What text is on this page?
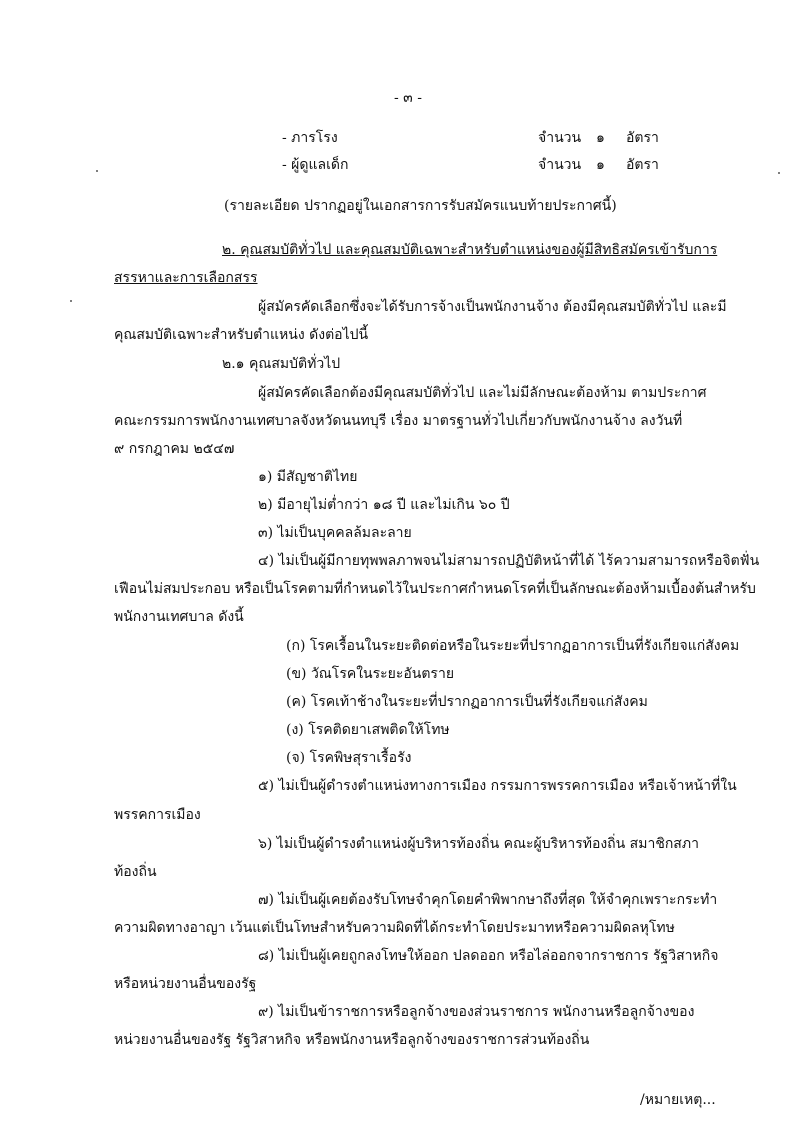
- ๓ -
- ภารโรง	จำนวน ๑ อัตรา
- ผู้ดูแลเด็ก	จำนวน ๑ อัตรา
(รายละเอียด ปรากฏอยู่ในเอกสารการรับสมัครแนบท้ายประกาศนี้)
๒. คุณสมบัติทั่วไป และคุณสมบัติเฉพาะสำหรับตำแหน่งของผู้มีสิทธิสมัครเข้ารับการ
สรรหาและการเลือกสรร
ผู้สมัครคัดเลือกซึ่งจะได้รับการจ้างเป็นพนักงานจ้าง ต้องมีคุณสมบัติทั่วไป และมี
คุณสมบัติเฉพาะสำหรับตำแหน่ง ดังต่อไปนี้
๒.๑ คุณสมบัติทั่วไป
ผู้สมัครคัดเลือกต้องมีคุณสมบัติทั่วไป และไม่มีลักษณะต้องห้าม ตามประกาศ
คณะกรรมการพนักงานเทศบาลจังหวัดนนทบุรี เรื่อง มาตรฐานทั่วไปเกี่ยวกับพนักงานจ้าง ลงวันที่
๙ กรกฎาคม ๒๕๔๗
๑) มีสัญชาติไทย
๒) มีอายุไม่ต่ำกว่า ๑๘ ปี และไม่เกิน ๖๐ ปี
๓) ไม่เป็นบุคคลล้มละลาย
๔) ไม่เป็นผู้มีกายทุพพลภาพจนไม่สามารถปฏิบัติหน้าที่ได้ ไร้ความสามารถหรือจิตฟั่น
เฟือนไม่สมประกอบ หรือเป็นโรคตามที่กำหนดไว้ในประกาศกำหนดโรคที่เป็นลักษณะต้องห้ามเบื้องต้นสำหรับ
พนักงานเทศบาล ดังนี้
(ก) โรคเรื้อนในระยะติดต่อหรือในระยะที่ปรากฏอาการเป็นที่รังเกียจแก่สังคม
(ข) วัณโรคในระยะอันตราย
(ค) โรคเท้าช้างในระยะที่ปรากฏอาการเป็นที่รังเกียจแก่สังคม
(ง) โรคติดยาเสพติดให้โทษ
(จ) โรคพิษสุราเรื้อรัง
๕) ไม่เป็นผู้ดำรงตำแหน่งทางการเมือง กรรมการพรรคการเมือง หรือเจ้าหน้าที่ใน
พรรคการเมือง
๖) ไม่เป็นผู้ดำรงตำแหน่งผู้บริหารท้องถิ่น คณะผู้บริหารท้องถิ่น สมาชิกสภา
ท้องถิ่น
๗) ไม่เป็นผู้เคยต้องรับโทษจำคุกโดยคำพิพากษาถึงที่สุด ให้จำคุกเพราะกระทำ
ความผิดทางอาญา เว้นแต่เป็นโทษสำหรับความผิดที่ได้กระทำโดยประมาทหรือความผิดลหุโทษ
๘) ไม่เป็นผู้เคยถูกลงโทษให้ออก ปลดออก หรือไล่ออกจากราชการ รัฐวิสาหกิจ
หรือหน่วยงานอื่นของรัฐ
๙) ไม่เป็นข้าราชการหรือลูกจ้างของส่วนราชการ พนักงานหรือลูกจ้างของ
หน่วยงานอื่นของรัฐ รัฐวิสาหกิจ หรือพนักงานหรือลูกจ้างของราชการส่วนท้องถิ่น
/หมายเหตุ...
